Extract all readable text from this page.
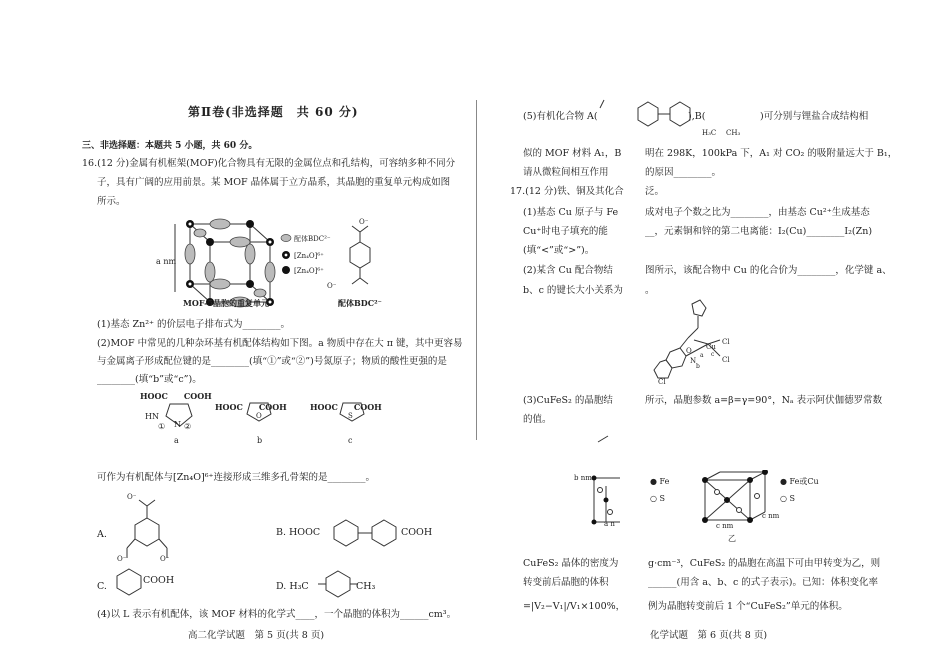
第Ⅱ卷(非选择题　共 60 分)
三、非选择题：本题共 5 小题，共 60 分。
16.(12 分)金属有机框架(MOF)化合物具有无限的金属位点和孔结构，可容纳多种不同分
子，具有广阔的应用前景。某 MOF 晶体属于立方晶系，其晶胞的重复单元构成如图
所示。
a nm
MOF-5晶胞的重复单元
配体BDC²⁻
[Zn₄O]⁶⁺
[Zn₄O]⁶⁺
O⁻
O⁻
配体BDC²⁻
(1)基态 Zn²⁺ 的价层电子排布式为________。
(2)MOF 中常见的几种杂环基有机配体结构如下图。a 物质中存在大 π 键，其中更容易
与金属离子形成配位键的是________(填“①”或“②”)号氮原子；物质的酸性更强的是
________(填“b”或“c”)。
HOOC　　COOH
HN
① ②
N
a
HOOC　　COOH
O
b
HOOC　　COOH
S
c
可作为有机配体与[Zn₄O]⁶⁺连接形成三维多孔骨架的是________。
A.
O⁻
O⁻	O⁻
B. HOOC	COOH
C.
COOH
D. H₃C	CH₃
(4)以 L 表示有机配体，该 MOF 材料的化学式____，一个晶胞的体积为______cm³。
高二化学试题　第 5 页(共 8 页)
(5)有机化合物 A(	),B(	)可分别与锂盐合成结构相
H₃C CH₃
似的 MOF 材料 A₁，B 明在 298K，100kPa 下，A₁ 对 CO₂ 的吸附量远大于 B₁，
请从微粒间相互作用	的原因________。
17.(12 分)铁、铜及其化合 泛。
(1)基态 Cu 原子与 Fe	成对电子个数之比为________，由基态 Cu²⁺生成基态
Cu⁺时电子填充的能	__，元素铜和锌的第二电离能：I₂(Cu)________I₂(Zn)
(填“<”或“>”)。
(2)某含 Cu 配合物结	图所示，该配合物中 Cu 的化合价为________，化学键 a、
b、c 的键长大小关系为 。
Cu
Cl
Cl
Cl
N
O
a
b
c
(3)CuFeS₂ 的晶胞结	所示，晶胞参数 a=β=γ=90°，Nₐ 表示阿伏伽德罗常数
的值。
b nm
a n
● Fe
○ S
● Fe或Cu
○ S
c nm
c nm
乙
CuFeS₂ 晶体的密度为	g·cm⁻³，CuFeS₂ 的晶胞在高温下可由甲转变为乙，则
转变前后晶胞的体积	______(用含 a、b、c 的式子表示)。已知：体积变化率
=|V₂−V₁|/V₁×100%， 例为晶胞转变前后 1 个“CuFeS₂”单元的体积。
化学试题　第 6 页(共 8 页)
